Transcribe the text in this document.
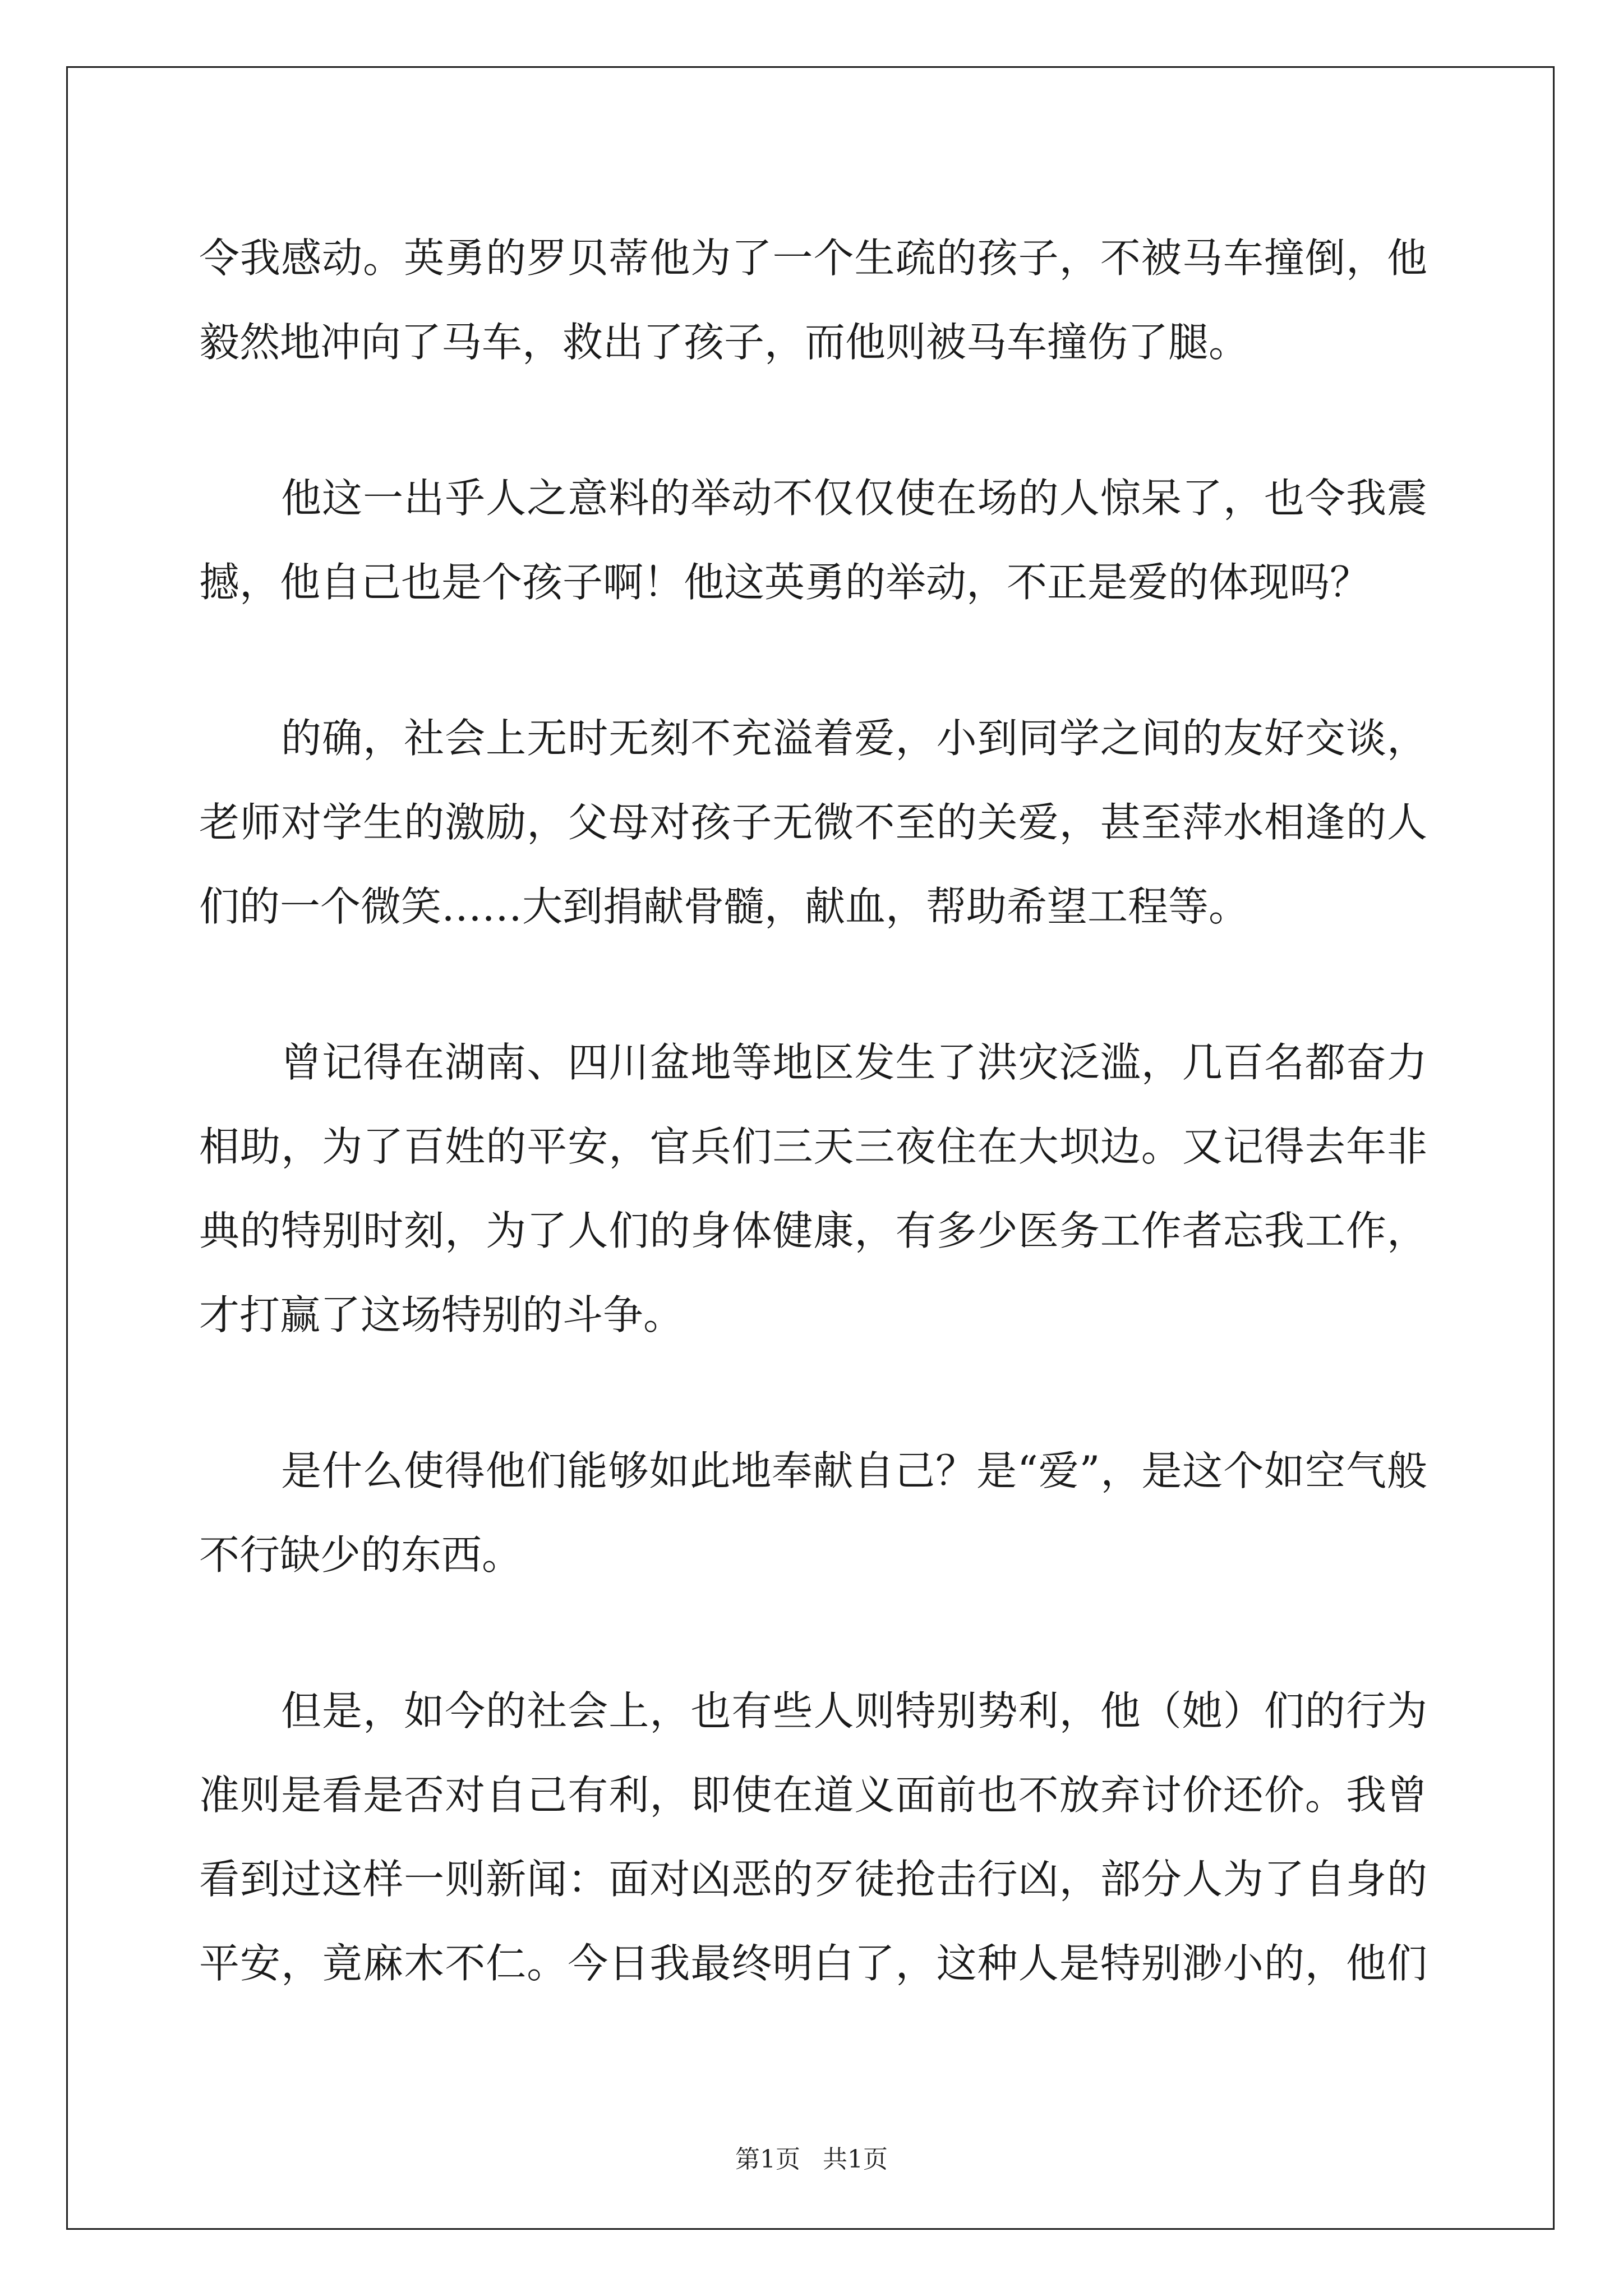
令我感动。英勇的罗贝蒂他为了一个生疏的孩子，不被马车撞倒，他
毅然地冲向了马车，救出了孩子，而他则被马车撞伤了腿。
他这一出乎人之意料的举动不仅仅使在场的人惊呆了，也令我震
撼，他自己也是个孩子啊！他这英勇的举动，不正是爱的体现吗？
的确，社会上无时无刻不充溢着爱，小到同学之间的友好交谈，
老师对学生的激励，父母对孩子无微不至的关爱，甚至萍水相逢的人
们的一个微笑……大到捐献骨髓，献血，帮助希望工程等。
曾记得在湖南、四川盆地等地区发生了洪灾泛滥，几百名都奋力
相助，为了百姓的平安，官兵们三天三夜住在大坝边。又记得去年非
典的特别时刻，为了人们的身体健康，有多少医务工作者忘我工作，
才打赢了这场特别的斗争。
是什么使得他们能够如此地奉献自己？是“爱”，是这个如空气般
不行缺少的东西。
但是，如今的社会上，也有些人则特别势利，他（她）们的行为
准则是看是否对自己有利，即使在道义面前也不放弃讨价还价。我曾
看到过这样一则新闻：面对凶恶的歹徒抢击行凶，部分人为了自身的
平安，竟麻木不仁。今日我最终明白了，这种人是特别渺小的，他们
第1页 共1页
